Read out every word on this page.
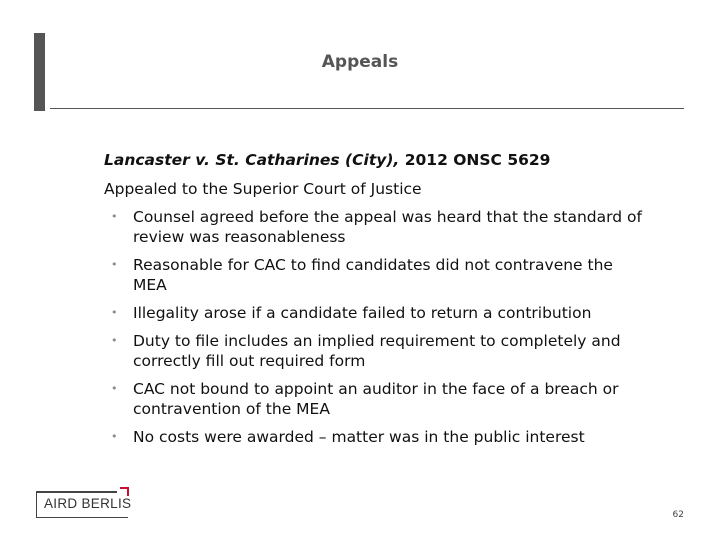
Appeals
Lancaster v. St. Catharines (City), 2012 ONSC 5629
Appealed to the Superior Court of Justice
• Counsel agreed before the appeal was heard that the standard of review was reasonableness
• Reasonable for CAC to find candidates did not contravene the MEA
• Illegality arose if a candidate failed to return a contribution
• Duty to file includes an implied requirement to completely and correctly fill out required form
• CAC not bound to appoint an auditor in the face of a breach or contravention of the MEA
• No costs were awarded – matter was in the public interest
AIRD BERLIS
62
